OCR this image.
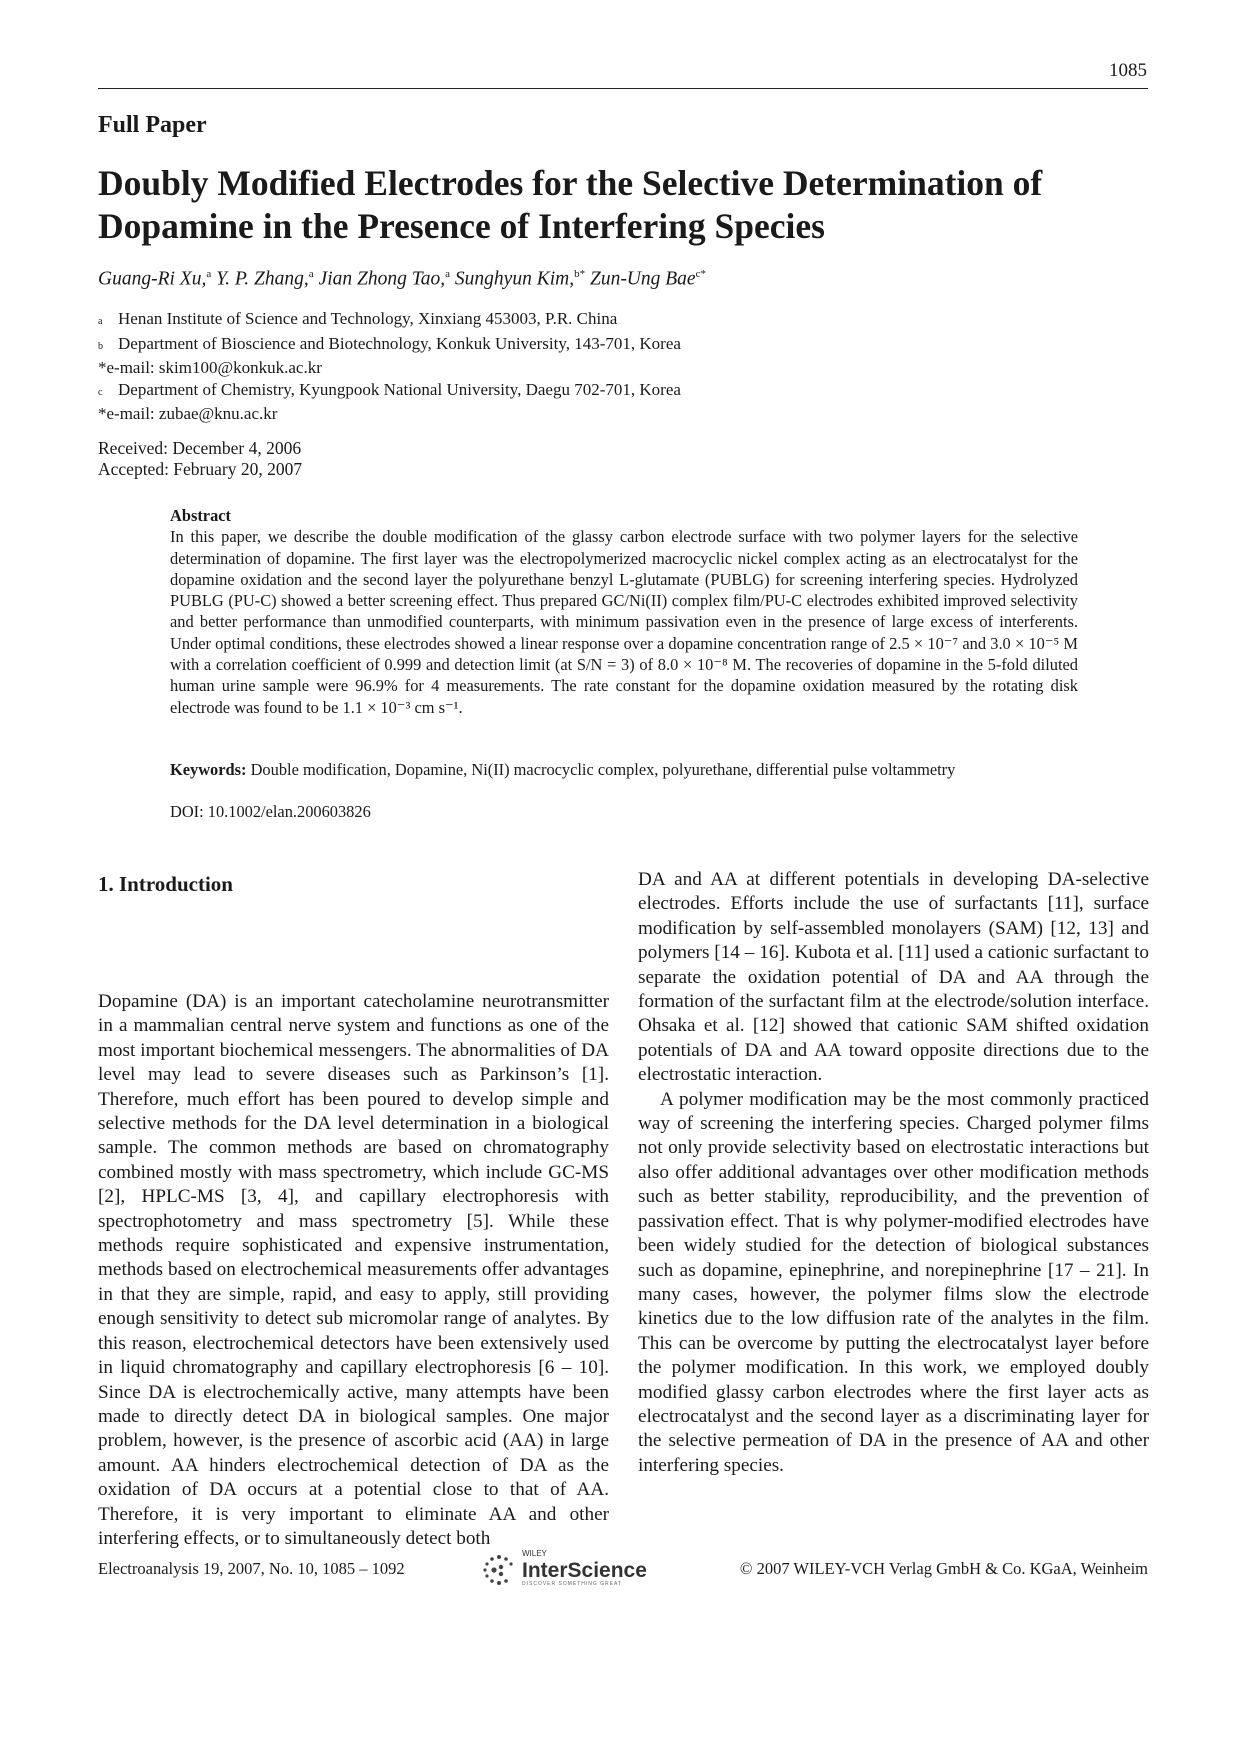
1085
Full Paper
Doubly Modified Electrodes for the Selective Determination of Dopamine in the Presence of Interfering Species
Guang-Ri Xu,$^a$ Y. P. Zhang,$^a$ Jian Zhong Tao,$^a$ Sunghyun Kim,$^{b*}$ Zun-Ung Bae$^{c*}$
a Henan Institute of Science and Technology, Xinxiang 453003, P.R. China
b Department of Bioscience and Biotechnology, Konkuk University, 143-701, Korea
*e-mail: skim100@konkuk.ac.kr
c Department of Chemistry, Kyungpook National University, Daegu 702-701, Korea
*e-mail: zubae@knu.ac.kr
Received: December 4, 2006
Accepted: February 20, 2007
Abstract
In this paper, we describe the double modification of the glassy carbon electrode surface with two polymer layers for the selective determination of dopamine. The first layer was the electropolymerized macrocyclic nickel complex acting as an electrocatalyst for the dopamine oxidation and the second layer the polyurethane benzyl L-glutamate (PUBLG) for screening interfering species. Hydrolyzed PUBLG (PU-C) showed a better screening effect. Thus prepared GC/Ni(II) complex film/PU-C electrodes exhibited improved selectivity and better performance than unmodified counterparts, with minimum passivation even in the presence of large excess of interferents. Under optimal conditions, these electrodes showed a linear response over a dopamine concentration range of 2.5 × 10⁻⁷ and 3.0 × 10⁻⁵ M with a correlation coefficient of 0.999 and detection limit (at S/N = 3) of 8.0 × 10⁻⁸ M. The recoveries of dopamine in the 5-fold diluted human urine sample were 96.9% for 4 measurements. The rate constant for the dopamine oxidation measured by the rotating disk electrode was found to be 1.1 × 10⁻³ cm s⁻¹.
Keywords: Double modification, Dopamine, Ni(II) macrocyclic complex, polyurethane, differential pulse voltammetry
DOI: 10.1002/elan.200603826
1. Introduction

Dopamine (DA) is an important catecholamine neurotransmitter in a mammalian central nerve system and functions as one of the most important biochemical messengers. The abnormalities of DA level may lead to severe diseases such as Parkinson’s [1]. Therefore, much effort has been poured to develop simple and selective methods for the DA level determination in a biological sample. The common methods are based on chromatography combined mostly with mass spectrometry, which include GC-MS [2], HPLC-MS [3, 4], and capillary electrophoresis with spectrophotometry and mass spectrometry [5]. While these methods require sophisticated and expensive instrumentation, methods based on electrochemical measurements offer advantages in that they are simple, rapid, and easy to apply, still providing enough sensitivity to detect sub micromolar range of analytes. By this reason, electrochemical detectors have been extensively used in liquid chromatography and capillary electrophoresis [6 – 10]. Since DA is electrochemically active, many attempts have been made to directly detect DA in biological samples. One major problem, however, is the presence of ascorbic acid (AA) in large amount. AA hinders electrochemical detection of DA as the oxidation of DA occurs at a potential close to that of AA. Therefore, it is very important to eliminate AA and other interfering effects, or to simultaneously detect both

DA and AA at different potentials in developing DA-selective electrodes. Efforts include the use of surfactants [11], surface modification by self-assembled monolayers (SAM) [12, 13] and polymers [14 – 16]. Kubota et al. [11] used a cationic surfactant to separate the oxidation potential of DA and AA through the formation of the surfactant film at the electrode/solution interface. Ohsaka et al. [12] showed that cationic SAM shifted oxidation potentials of DA and AA toward opposite directions due to the electrostatic interaction.

A polymer modification may be the most commonly practiced way of screening the interfering species. Charged polymer films not only provide selectivity based on electrostatic interactions but also offer additional advantages over other modification methods such as better stability, reproducibility, and the prevention of passivation effect. That is why polymer-modified electrodes have been widely studied for the detection of biological substances such as dopamine, epinephrine, and norepinephrine [17 – 21]. In many cases, however, the polymer films slow the electrode kinetics due to the low diffusion rate of the analytes in the film. This can be overcome by putting the electrocatalyst layer before the polymer modification. In this work, we employed doubly modified glassy carbon electrodes where the first layer acts as electrocatalyst and the second layer as a discriminating layer for the selective permeation of DA in the presence of AA and other interfering species.

Electroanalysis 19, 2007, No. 10, 1085 – 1092
WILEY
InterScience
DISCOVER SOMETHING GREAT
© 2007 WILEY-VCH Verlag GmbH & Co. KGaA, Weinheim
